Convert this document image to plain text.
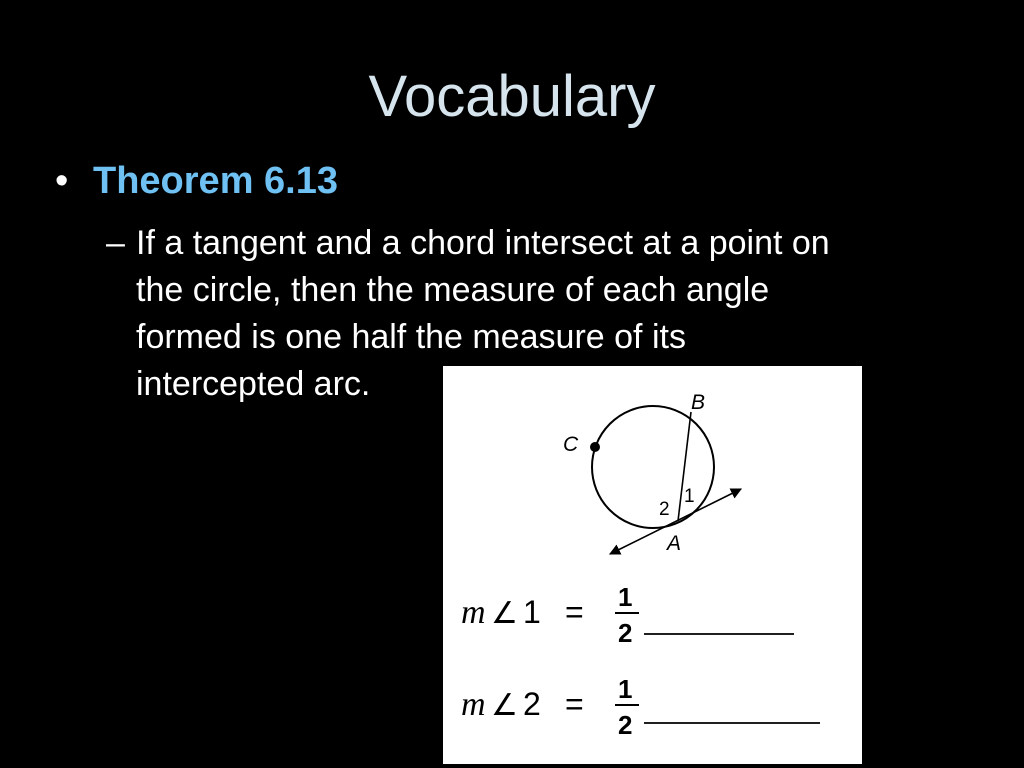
Vocabulary
• Theorem 6.13
– If a tangent and a chord intersect at a point on
the circle, then the measure of each angle
formed is one half the measure of its
intercepted arc.	B
C
A
1
2
m ∠ 1 = 1
2
m ∠ 2 = 1
2
